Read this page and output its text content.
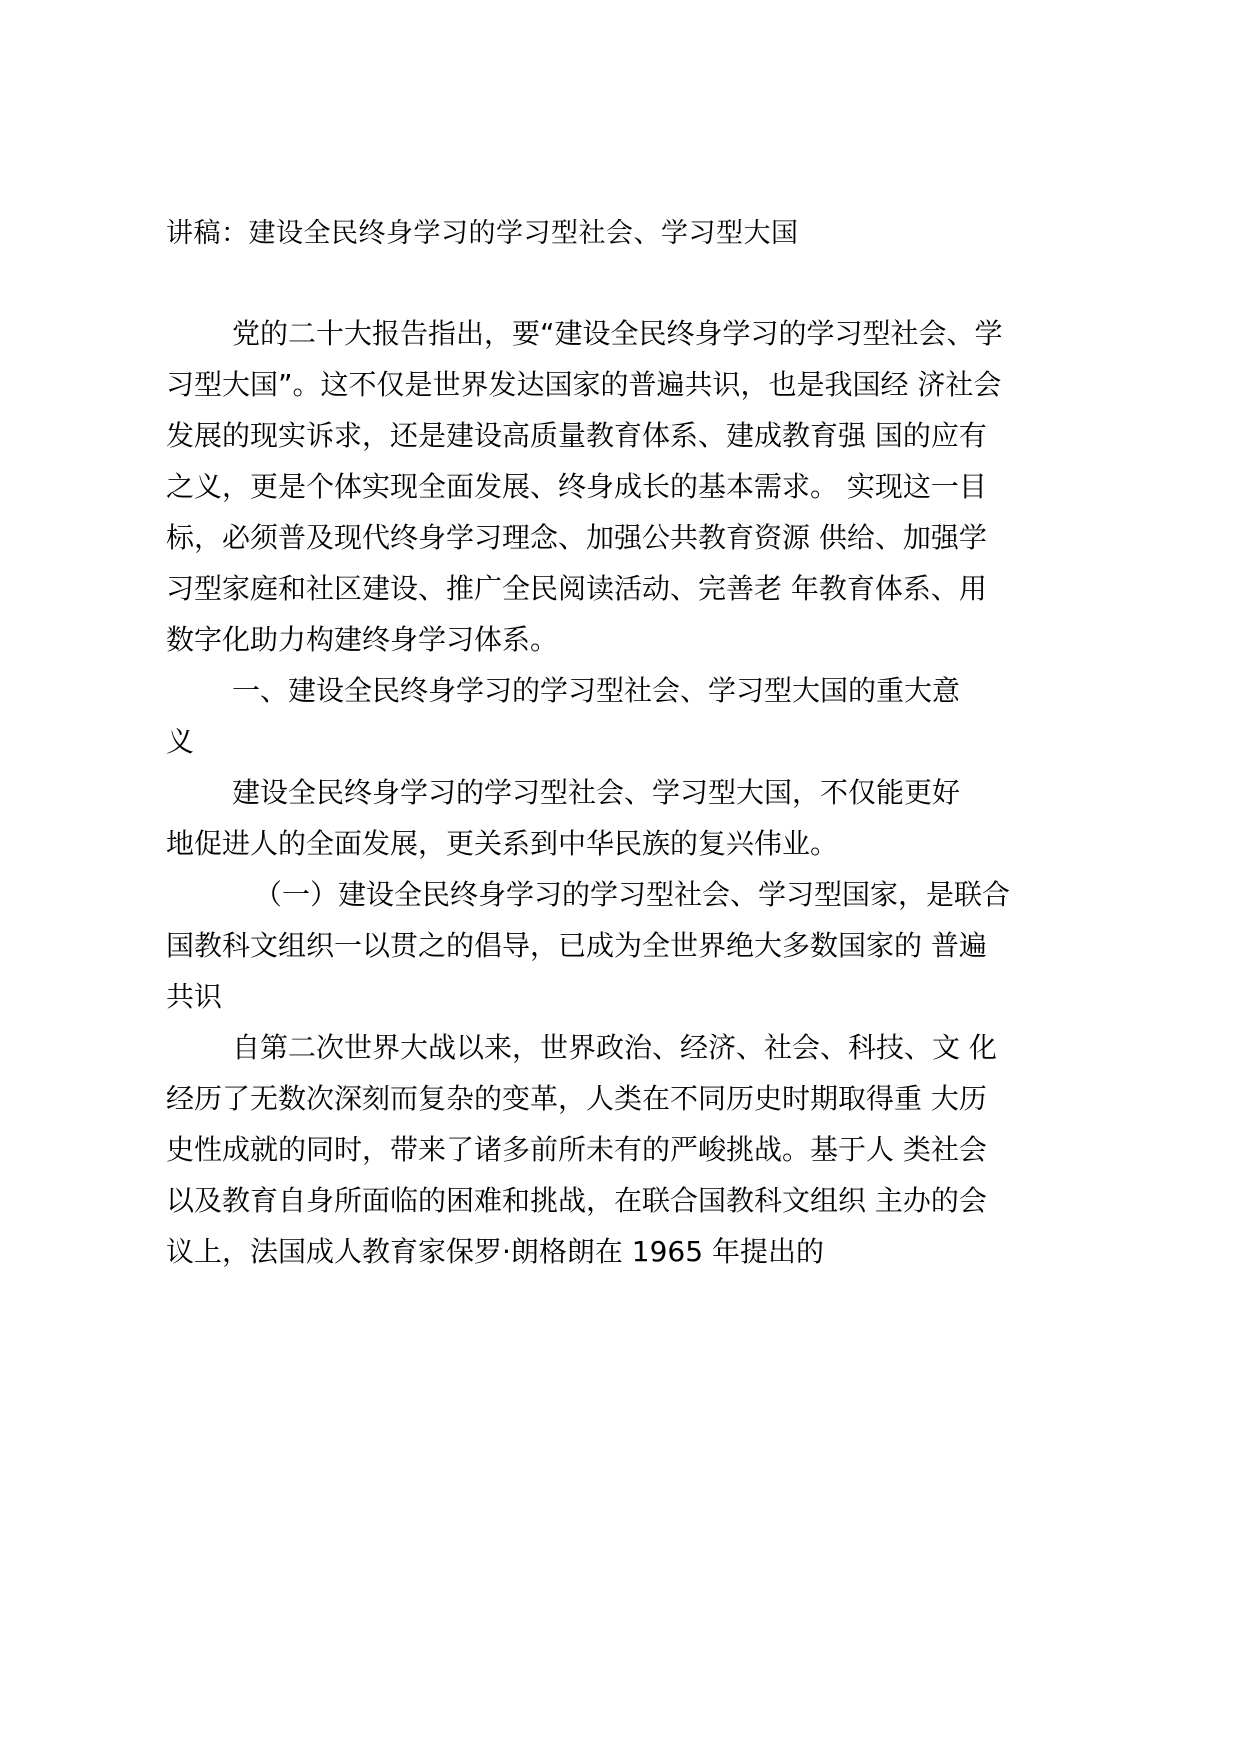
讲稿：建设全民终身学习的学习型社会、学习型大国
党的二十大报告指出，要“建设全民终身学习的学习型社会、学
习型大国”。这不仅是世界发达国家的普遍共识，也是我国经 济社会
发展的现实诉求，还是建设高质量教育体系、建成教育强 国的应有
之义，更是个体实现全面发展、终身成长的基本需求。 实现这一目
标，必须普及现代终身学习理念、加强公共教育资源 供给、加强学
习型家庭和社区建设、推广全民阅读活动、完善老 年教育体系、用
数字化助力构建终身学习体系。
一、建设全民终身学习的学习型社会、学习型大国的重大意
义
建设全民终身学习的学习型社会、学习型大国，不仅能更好
地促进人的全面发展，更关系到中华民族的复兴伟业。
（一）建设全民终身学习的学习型社会、学习型国家，是联合
国教科文组织一以贯之的倡导，已成为全世界绝大多数国家的 普遍
共识
自第二次世界大战以来，世界政治、经济、社会、科技、文 化
经历了无数次深刻而复杂的变革，人类在不同历史时期取得重 大历
史性成就的同时，带来了诸多前所未有的严峻挑战。基于人 类社会
以及教育自身所面临的困难和挑战，在联合国教科文组织 主办的会
议上，法国成人教育家保罗·朗格朗在 1965 年提出的
